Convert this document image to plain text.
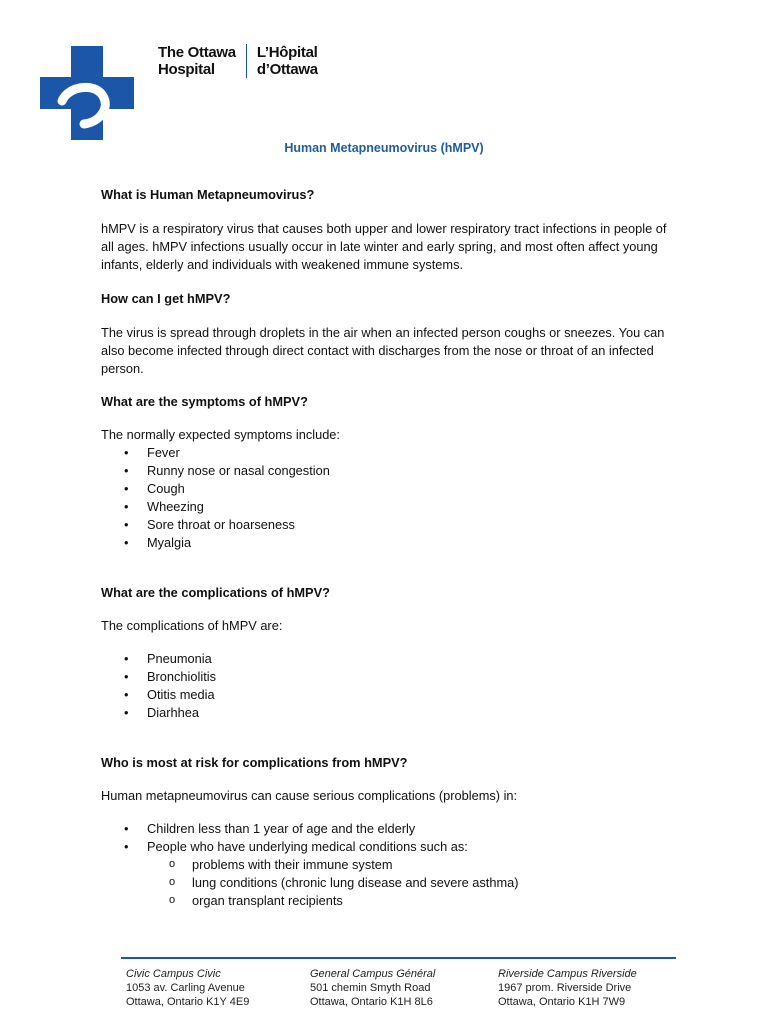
The Ottawa
Hospital
L’Hôpital
d’Ottawa
Human Metapneumovirus (hMPV)
What is Human Metapneumovirus?

hMPV is a respiratory virus that causes both upper and lower respiratory tract infections in people of
all ages. hMPV infections usually occur in late winter and early spring, and most often affect young
infants, elderly and individuals with weakened immune systems.

How can I get hMPV?

The virus is spread through droplets in the air when an infected person coughs or sneezes. You can
also become infected through direct contact with discharges from the nose or throat of an infected
person.

What are the symptoms of hMPV?

The normally expected symptoms include:

• Fever
• Runny nose or nasal congestion
• Cough
• Wheezing
• Sore throat or hoarseness
• Myalgia
What are the complications of hMPV?

The complications of hMPV are:

• Pneumonia
• Bronchiolitis
• Otitis media
• Diarhhea
Who is most at risk for complications from hMPV?

Human metapneumovirus can cause serious complications (problems) in:

• Children less than 1 year of age and the elderly
• People who have underlying medical conditions such as:
o problems with their immune system
o lung conditions (chronic lung disease and severe asthma)
o organ transplant recipients
Civic Campus Civic
1053 av. Carling Avenue
Ottawa, Ontario K1Y 4E9
General Campus Général
501 chemin Smyth Road
Ottawa, Ontario K1H 8L6
Riverside Campus Riverside
1967 prom. Riverside Drive
Ottawa, Ontario K1H 7W9
